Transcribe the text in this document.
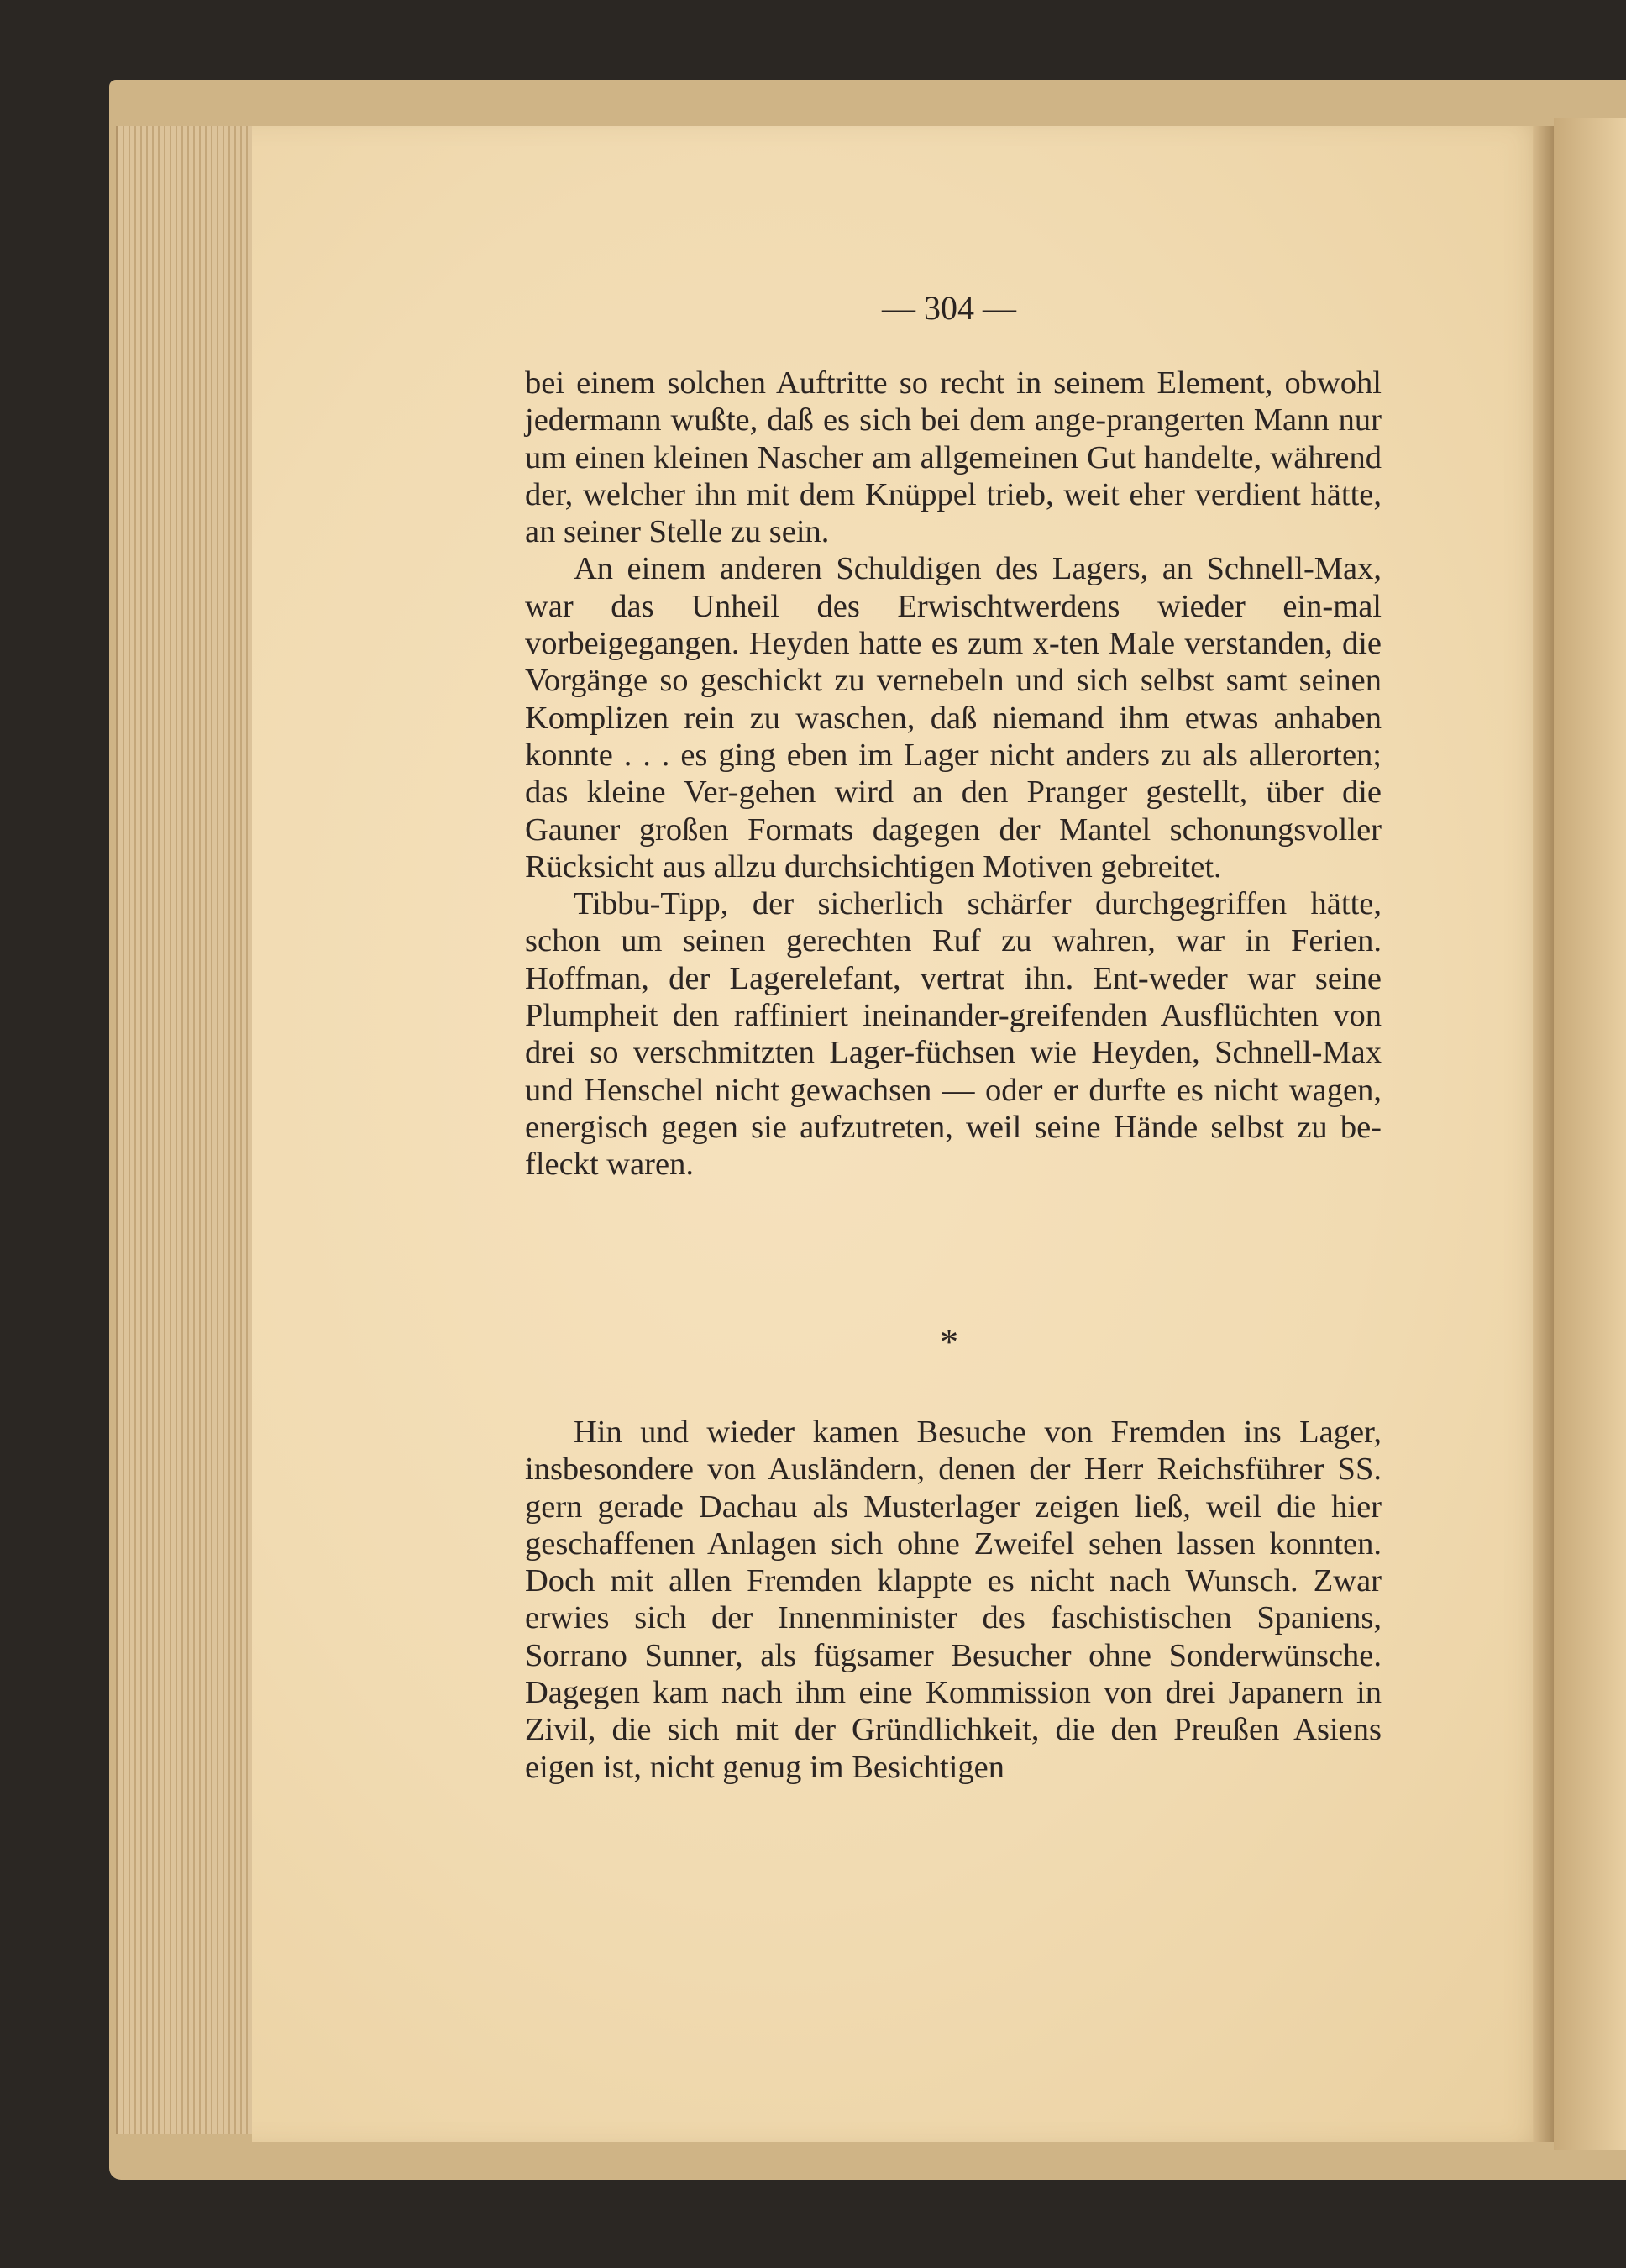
— 304 —

bei einem solchen Auftritte so recht in seinem Element, obwohl jedermann wußte, daß es sich bei dem ange-prangerten Mann nur um einen kleinen Nascher am allgemeinen Gut handelte, während der, welcher ihn mit dem Knüppel trieb, weit eher verdient hätte, an seiner Stelle zu sein.

An einem anderen Schuldigen des Lagers, an Schnell-Max, war das Unheil des Erwischtwerdens wieder ein-mal vorbeigegangen. Heyden hatte es zum x-ten Male verstanden, die Vorgänge so geschickt zu vernebeln und sich selbst samt seinen Komplizen rein zu waschen, daß niemand ihm etwas anhaben konnte . . . es ging eben im Lager nicht anders zu als allerorten; das kleine Ver-gehen wird an den Pranger gestellt, über die Gauner großen Formats dagegen der Mantel schonungsvoller Rücksicht aus allzu durchsichtigen Motiven gebreitet.

Tibbu-Tipp, der sicherlich schärfer durchgegriffen hätte, schon um seinen gerechten Ruf zu wahren, war in Ferien. Hoffman, der Lagerelefant, vertrat ihn. Ent-weder war seine Plumpheit den raffiniert ineinander-greifenden Ausflüchten von drei so verschmitzten Lager-füchsen wie Heyden, Schnell-Max und Henschel nicht gewachsen — oder er durfte es nicht wagen, energisch gegen sie aufzutreten, weil seine Hände selbst zu be-fleckt waren.

*

Hin und wieder kamen Besuche von Fremden ins Lager, insbesondere von Ausländern, denen der Herr Reichsführer SS. gern gerade Dachau als Musterlager zeigen ließ, weil die hier geschaffenen Anlagen sich ohne Zweifel sehen lassen konnten. Doch mit allen Fremden klappte es nicht nach Wunsch. Zwar erwies sich der Innenminister des faschistischen Spaniens, Sorrano Sunner, als fügsamer Besucher ohne Sonderwünsche. Dagegen kam nach ihm eine Kommission von drei Japanern in Zivil, die sich mit der Gründlichkeit, die den Preußen Asiens eigen ist, nicht genug im Besichtigen
